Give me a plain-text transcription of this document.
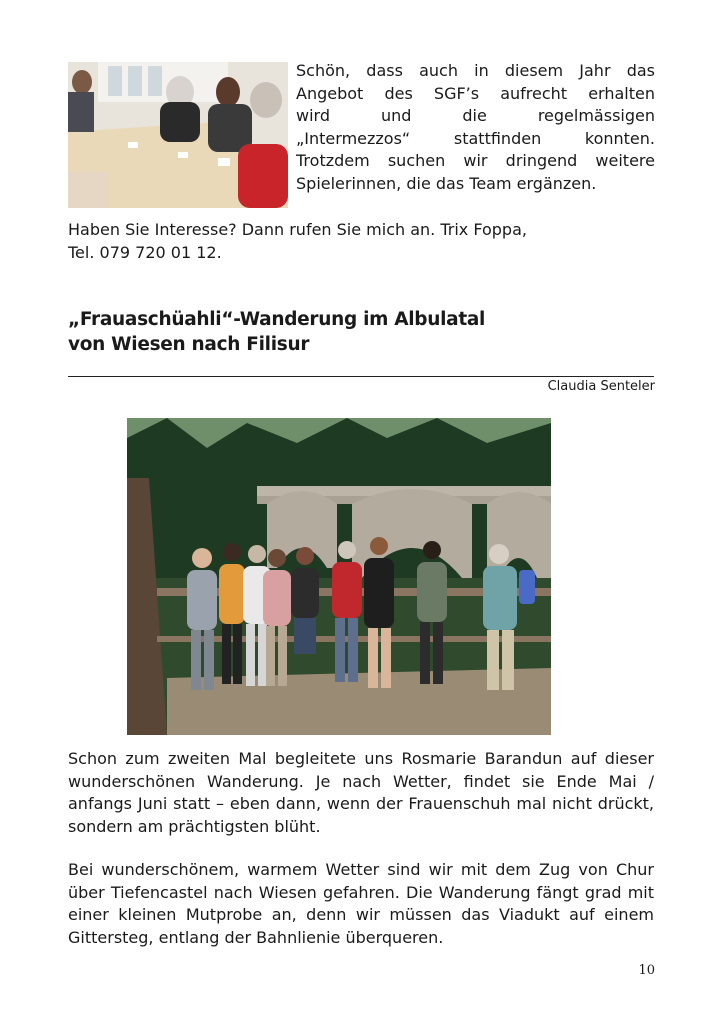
Schön, dass auch in diesem Jahr das
Angebot des SGF’s aufrecht erhalten
wird und die regelmässigen
„Intermezzos“ stattfinden konnten.
Trotzdem suchen wir dringend weitere
Spielerinnen, die das Team ergänzen.
Haben Sie Interesse? Dann rufen Sie mich an. Trix Foppa,
Tel. 079 720 01 12.
„Frauaschüahli“-Wanderung im Albulatal
von Wiesen nach Filisur
Claudia Senteler
Schon zum zweiten Mal begleitete uns Rosmarie Barandun auf dieser wunderschönen Wanderung. Je nach Wetter, findet sie Ende Mai / anfangs Juni statt – eben dann, wenn der Frauenschuh mal nicht drückt, sondern am prächtigsten blüht.
Bei wunderschönem, warmem Wetter sind wir mit dem Zug von Chur über Tiefencastel nach Wiesen gefahren. Die Wanderung fängt grad mit einer kleinen Mutprobe an, denn wir müssen das Viadukt auf einem Gittersteg, entlang der Bahnlienie überqueren.
10
